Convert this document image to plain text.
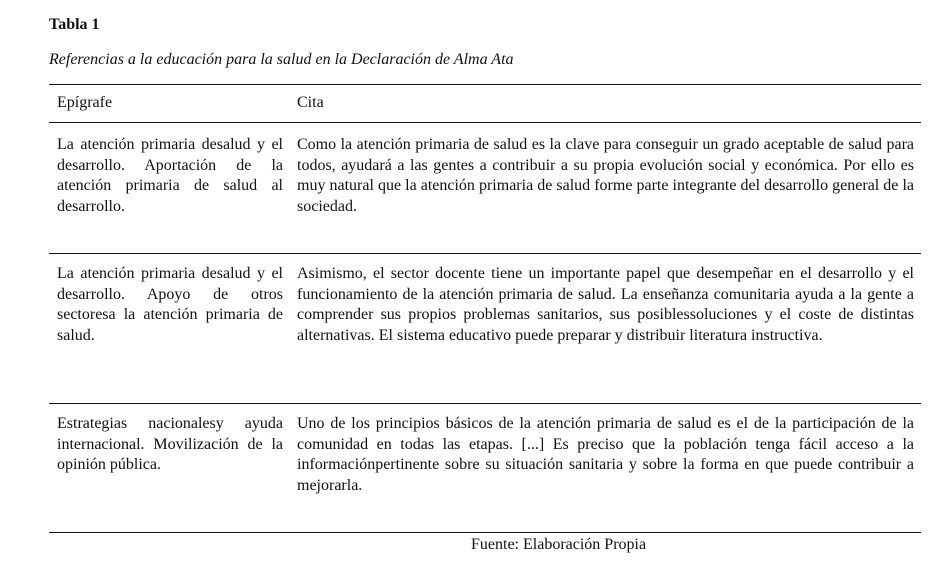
Tabla 1
Referencias a la educación para la salud en la Declaración de Alma Ata
Epígrafe	Cita

La atención primaria desalud y el desarrollo. Aportación de la atención primaria de salud al desarrollo.

Como la atención primaria de salud es la clave para conseguir un grado aceptable de salud para todos, ayudará a las gentes a contribuir a su propia evolución social y económica. Por ello es muy natural que la atención primaria de salud forme parte integrante del desarrollo general de la sociedad.

La atención primaria desalud y el desarrollo. Apoyo de otros sectoresa la atención primaria de salud.

Asimismo, el sector docente tiene un importante papel que desempeñar en el desarrollo y el funcionamiento de la atención primaria de salud. La enseñanza comunitaria ayuda a la gente a comprender sus propios problemas sanitarios, sus posiblessoluciones y el coste de distintas alternativas. El sistema educativo puede preparar y distribuir literatura instructiva.

Estrategias nacionalesy ayuda internacional. Movilización de la opinión pública.

Uno de los principios básicos de la atención primaria de salud es el de la participación de la comunidad en todas las etapas. [...] Es preciso que la población tenga fácil acceso a la informaciónpertinente sobre su situación sanitaria y sobre la forma en que puede contribuir a mejorarla.

Fuente: Elaboración Propia
